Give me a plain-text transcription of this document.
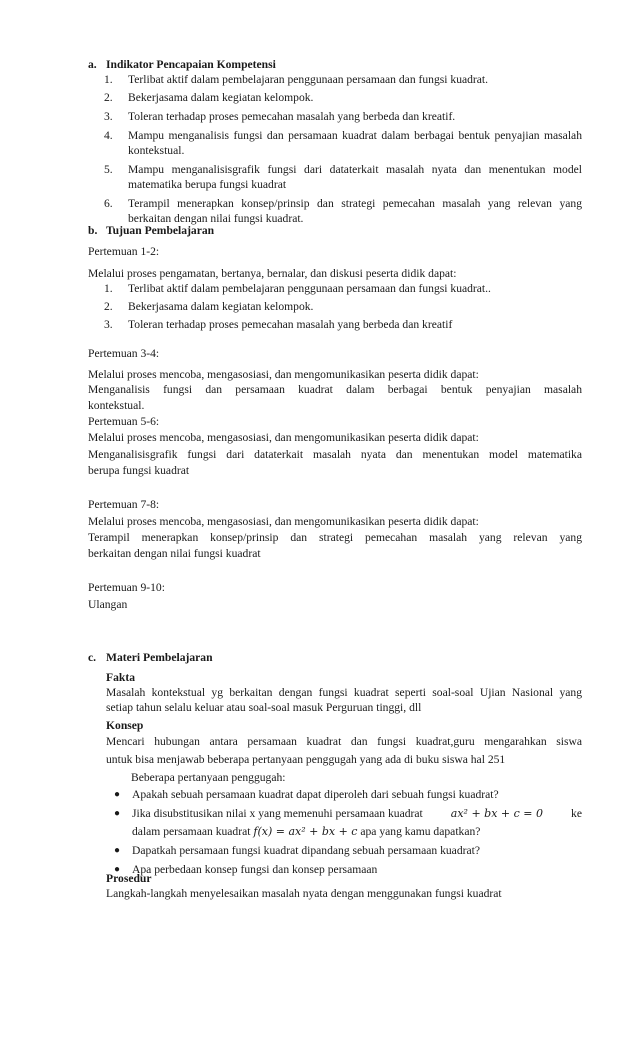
a. Indikator Pencapaian Kompetensi
1. Terlibat aktif dalam pembelajaran penggunaan persamaan dan fungsi kuadrat.
2. Bekerjasama dalam kegiatan kelompok.
3. Toleran terhadap proses pemecahan masalah yang berbeda dan kreatif.
4. Mampu menganalisis fungsi dan persamaan kuadrat dalam berbagai bentuk penyajian masalah kontekstual.
5. Mampu menganalisisgrafik fungsi dari dataterkait masalah nyata dan menentukan model matematika berupa fungsi kuadrat
6. Terampil menerapkan konsep/prinsip dan strategi pemecahan masalah yang relevan yang berkaitan dengan nilai fungsi kuadrat.
b. Tujuan Pembelajaran
Pertemuan 1-2:
Melalui proses pengamatan, bertanya, bernalar, dan diskusi peserta didik dapat:
1. Terlibat aktif dalam pembelajaran penggunaan persamaan dan fungsi kuadrat..
2. Bekerjasama dalam kegiatan kelompok.
3. Toleran terhadap proses pemecahan masalah yang berbeda dan kreatif
Pertemuan 3-4:
Melalui proses mencoba, mengasosiasi, dan mengomunikasikan peserta didik dapat:
Menganalisis fungsi dan persamaan kuadrat dalam berbagai bentuk penyajian masalah
kontekstual.
Pertemuan 5-6:
Melalui proses mencoba, mengasosiasi, dan mengomunikasikan peserta didik dapat:
Menganalisisgrafik fungsi dari dataterkait masalah nyata dan menentukan model matematika
berupa fungsi kuadrat
Pertemuan 7-8:
Melalui proses mencoba, mengasosiasi, dan mengomunikasikan peserta didik dapat:
Terampil menerapkan konsep/prinsip dan strategi pemecahan masalah yang relevan yang
berkaitan dengan nilai fungsi kuadrat
Pertemuan 9-10:
Ulangan
c. Materi Pembelajaran
Fakta
Masalah kontekstual yg berkaitan dengan fungsi kuadrat seperti soal-soal Ujian Nasional yang
setiap tahun selalu keluar atau soal-soal masuk Perguruan tinggi, dll
Konsep
Mencari hubungan antara persamaan kuadrat dan fungsi kuadrat,guru mengarahkan siswa
untuk bisa menjawab beberapa pertanyaan penggugah yang ada di buku siswa hal 251
Beberapa pertanyaan penggugah:
● Apakah sebuah persamaan kuadrat dapat diperoleh dari sebuah fungsi kuadrat?
● Jika disubstitusikan nilai x yang memenuhi persamaan kuadrat	ax² + bx + c = 0 ke
dalam persamaan kuadrat f(x) = ax² + bx + c apa yang kamu dapatkan?
● Dapatkah persamaan fungsi kuadrat dipandang sebuah persamaan kuadrat?
● Apa perbedaan konsep fungsi dan konsep persamaan
Prosedur
Langkah-langkah menyelesaikan masalah nyata dengan menggunakan fungsi kuadrat
